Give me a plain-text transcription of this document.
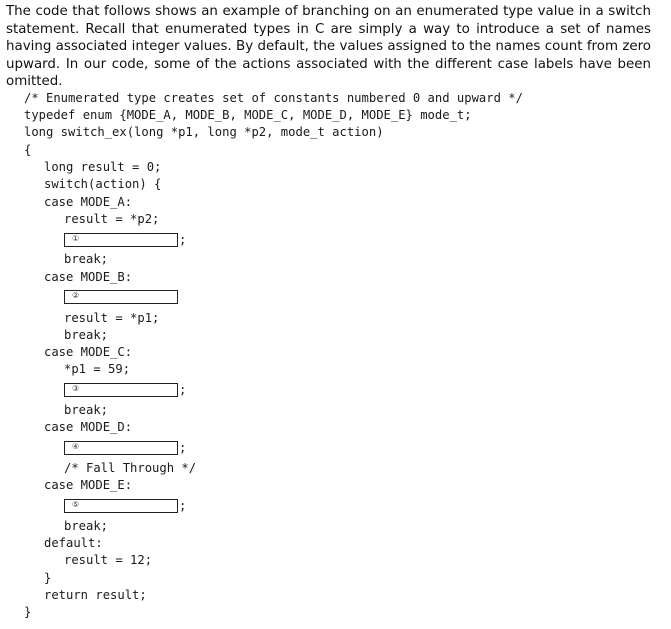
The code that follows shows an example of branching on an enumerated type value in a switch statement. Recall that enumerated types in C are simply a way to introduce a set of names having associated integer values. By default, the values assigned to the names count from zero upward. In our code, some of the actions associated with the different case labels have been omitted.

/* Enumerated type creates set of constants numbered 0 and upward */
typedef enum {MODE_A, MODE_B, MODE_C, MODE_D, MODE_E} mode_t;
long switch_ex(long *p1, long *p2, mode_t action)
{
long result = 0;
switch(action) {
case MODE_A:
result = *p2;
①	;
break;
case MODE_B:
②
result = *p1;
break;
case MODE_C:
*p1 = 59;
③	;
break;
case MODE_D:
④	;
/* Fall Through */
case MODE_E:
⑤	;
break;
default:
result = 12;
}
return result;
}
